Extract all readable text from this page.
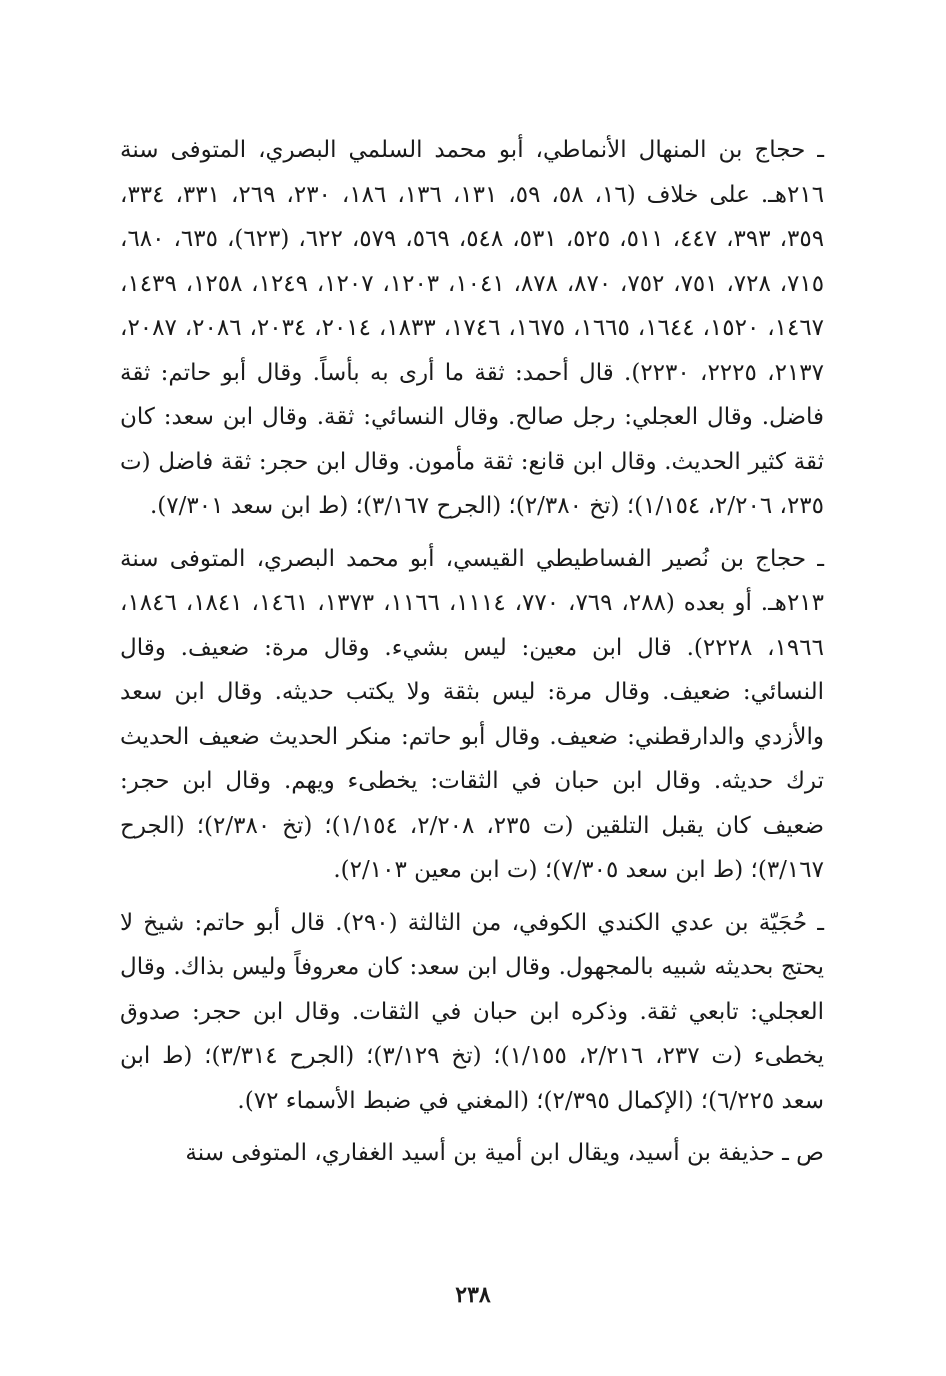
ـ حجاج بن المنهال الأنماطي، أبو محمد السلمي البصري، المتوفى سنة ٢١٦هـ. على خلاف (١٦، ٥٨، ٥٩، ١٣١، ١٣٦، ١٨٦، ٢٣٠، ٢٦٩، ٣٣١، ٣٣٤، ٣٥٩، ٣٩٣، ٤٤٧، ٥١١، ٥٢٥، ٥٣١، ٥٤٨، ٥٦٩، ٥٧٩، ٦٢٢، (٦٢٣)، ٦٣٥، ٦٨٠، ٧١٥، ٧٢٨، ٧٥١، ٧٥٢، ٨٧٠، ٨٧٨، ١٠٤١، ١٢٠٣، ١٢٠٧، ١٢٤٩، ١٢٥٨، ١٤٣٩، ١٤٦٧، ١٥٢٠، ١٦٤٤، ١٦٦٥، ١٦٧٥، ١٧٤٦، ١٨٣٣، ٢٠١٤، ٢٠٣٤، ٢٠٨٦، ٢٠٨٧، ٢١٣٧، ٢٢٢٥، ٢٢٣٠). قال أحمد: ثقة ما أرى به بأساً. وقال أبو حاتم: ثقة فاضل. وقال العجلي: رجل صالح. وقال النسائي: ثقة. وقال ابن سعد: كان ثقة كثير الحديث. وقال ابن قانع: ثقة مأمون. وقال ابن حجر: ثقة فاضل (ت ٢٣٥، ٢/٢٠٦، ١/١٥٤)؛ (تخ ٢/٣٨٠)؛ (الجرح ٣/١٦٧)؛ (ط ابن سعد ٧/٣٠١).

ـ حجاج بن نُصير الفساطيطي القيسي، أبو محمد البصري، المتوفى سنة ٢١٣هـ. أو بعده (٢٨٨، ٧٦٩، ٧٧٠، ١١١٤، ١١٦٦، ١٣٧٣، ١٤٦١، ١٨٤١، ١٨٤٦، ١٩٦٦، ٢٢٢٨). قال ابن معين: ليس بشيء. وقال مرة: ضعيف. وقال النسائي: ضعيف. وقال مرة: ليس بثقة ولا يكتب حديثه. وقال ابن سعد والأزدي والدارقطني: ضعيف. وقال أبو حاتم: منكر الحديث ضعيف الحديث ترك حديثه. وقال ابن حبان في الثقات: يخطىء ويهم. وقال ابن حجر: ضعيف كان يقبل التلقين (ت ٢٣٥، ٢/٢٠٨، ١/١٥٤)؛ (تخ ٢/٣٨٠)؛ (الجرح ٣/١٦٧)؛ (ط ابن سعد ٧/٣٠٥)؛ (ت ابن معين ٢/١٠٣).

ـ حُجَيّة بن عدي الكندي الكوفي، من الثالثة (٢٩٠). قال أبو حاتم: شيخ لا يحتج بحديثه شبيه بالمجهول. وقال ابن سعد: كان معروفاً وليس بذاك. وقال العجلي: تابعي ثقة. وذكره ابن حبان في الثقات. وقال ابن حجر: صدوق يخطىء (ت ٢٣٧، ٢/٢١٦، ١/١٥٥)؛ (تخ ٣/١٢٩)؛ (الجرح ٣/٣١٤)؛ (ط ابن سعد ٦/٢٢٥)؛ (الإكمال ٢/٣٩٥)؛ (المغني في ضبط الأسماء ٧٢).

ص ـ حذيفة بن أسيد، ويقال ابن أمية بن أسيد الغفاري، المتوفى سنة

٢٣٨
